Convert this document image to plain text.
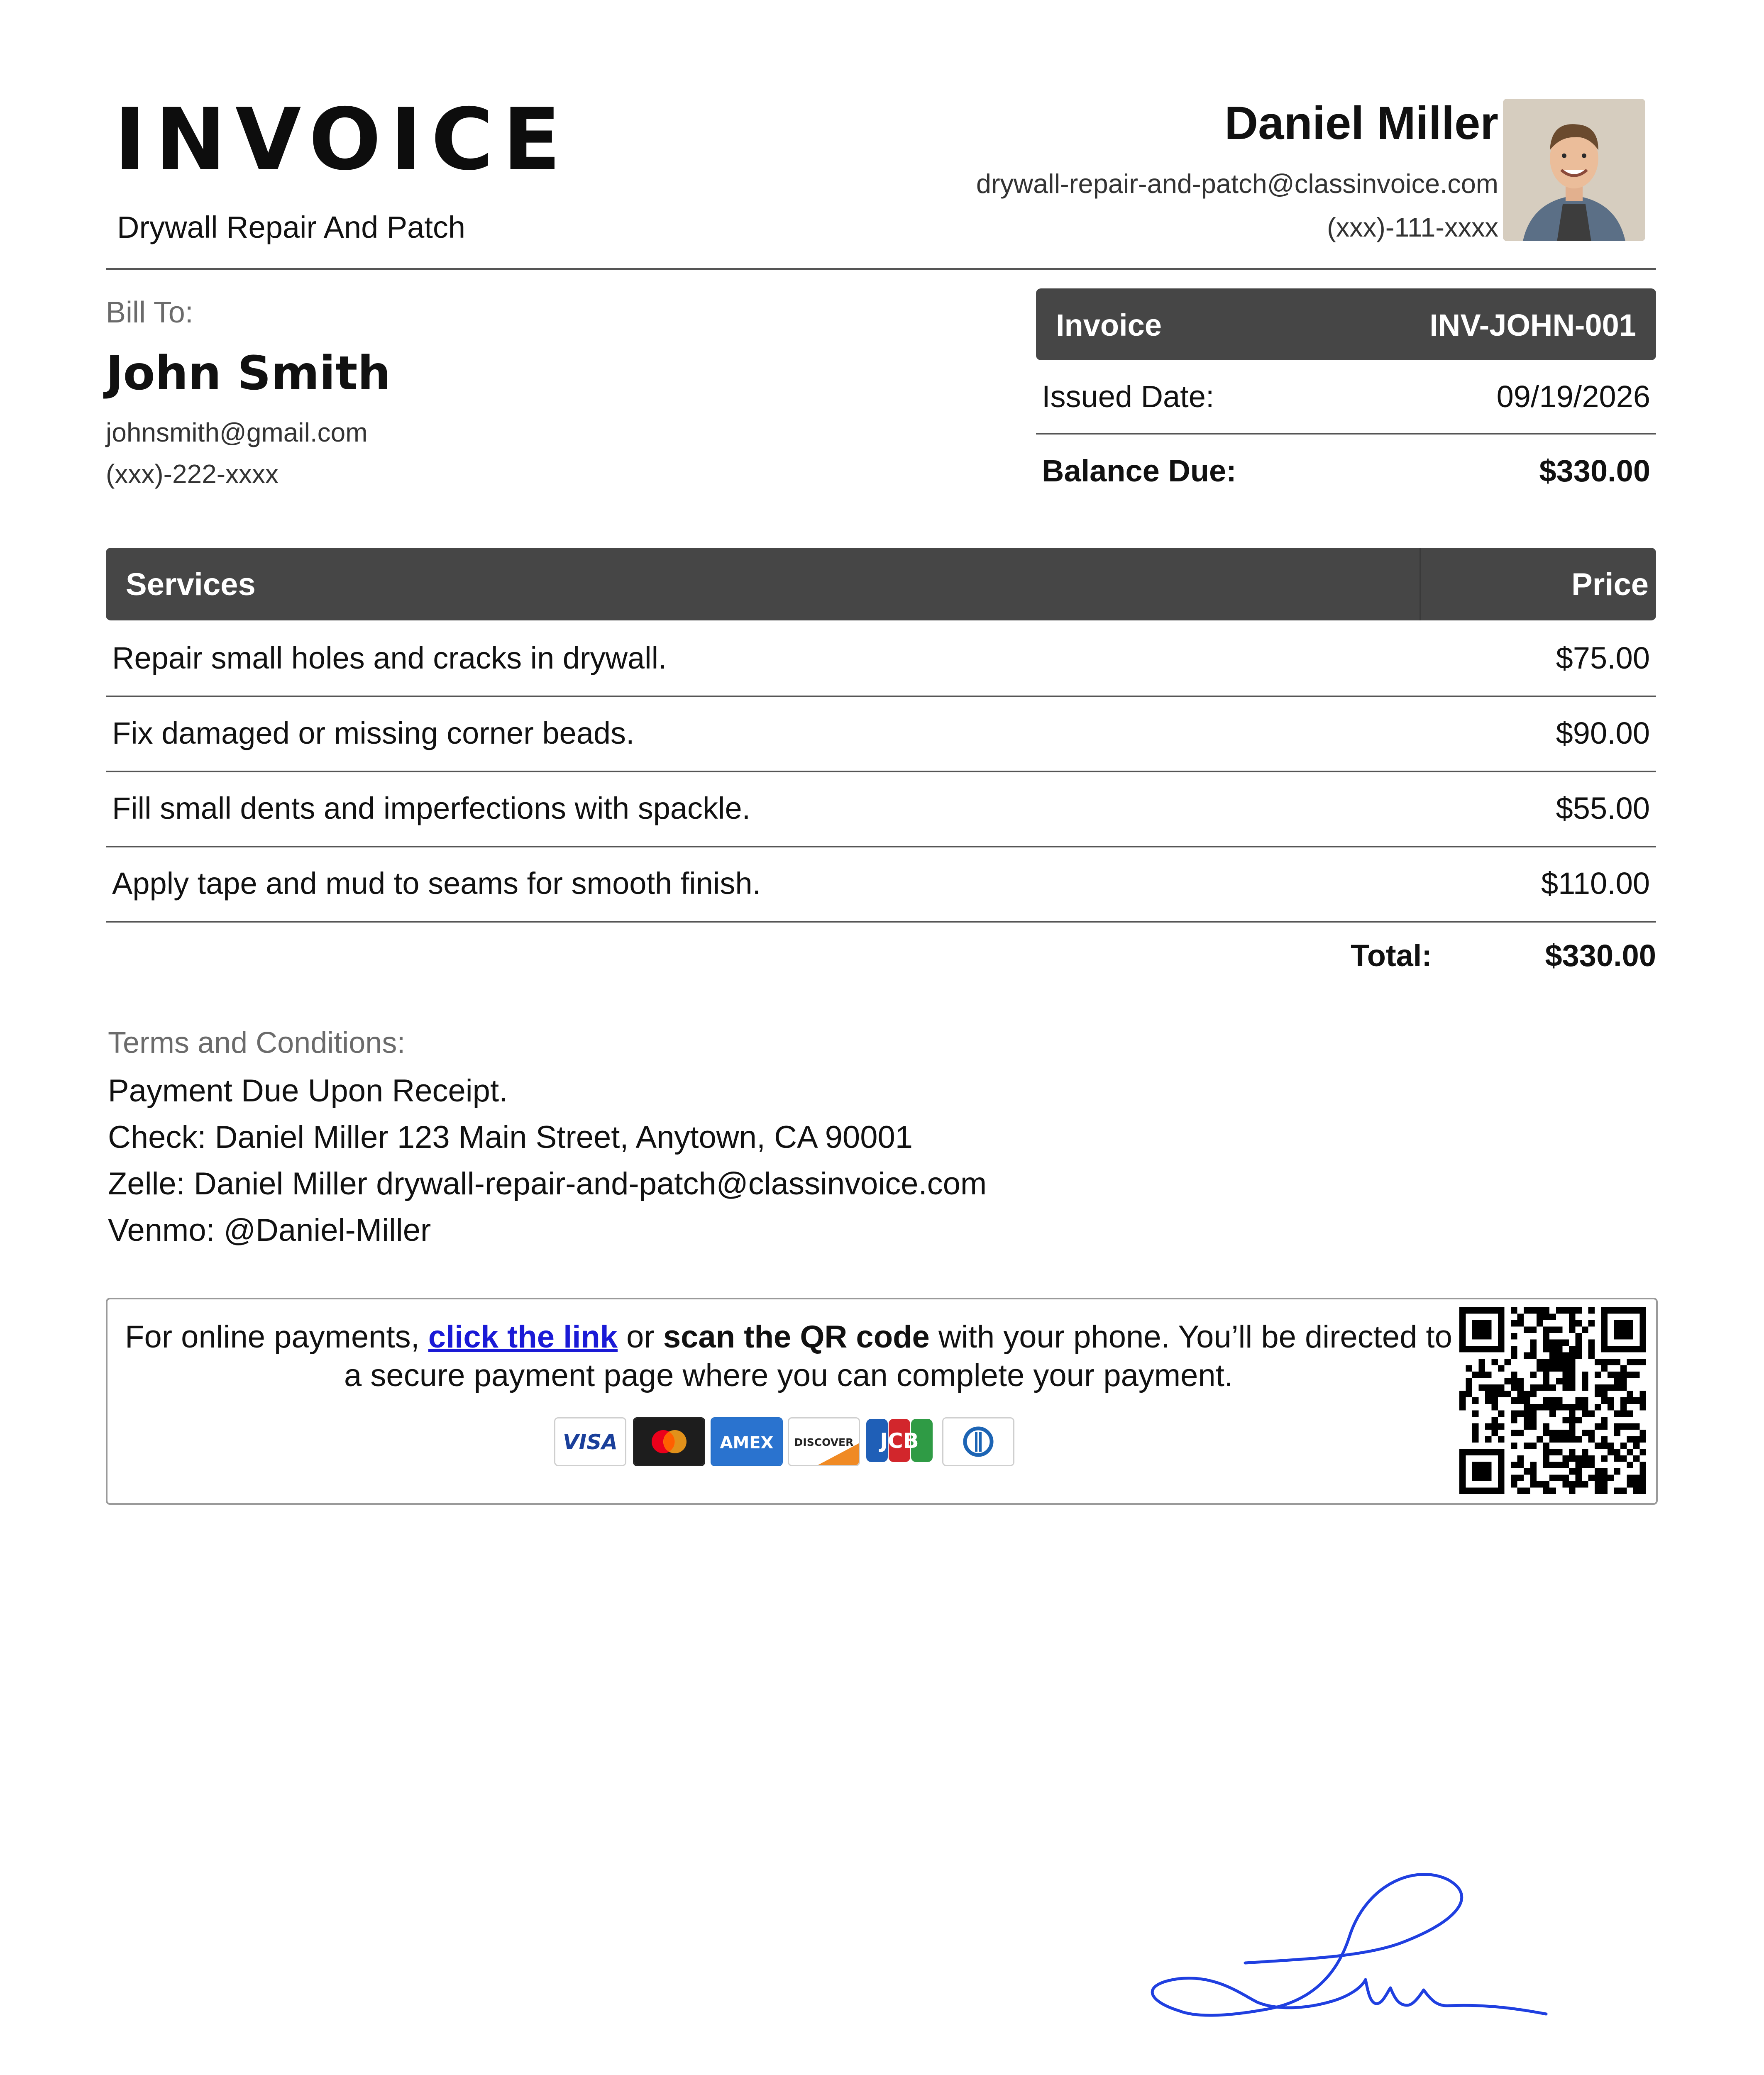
INVOICE
Drywall Repair And Patch
Daniel Miller
drywall-repair-and-patch@classinvoice.com
(xxx)-111-xxxx
Bill To:
John Smith
johnsmith@gmail.com
(xxx)-222-xxxx
Invoice	INV-JOHN-001
Issued Date:	09/19/2026
Balance Due:	$330.00
Services	Price
Repair small holes and cracks in drywall.	$75.00
Fix damaged or missing corner beads.	$90.00
Fill small dents and imperfections with spackle.	$55.00
Apply tape and mud to seams for smooth finish.	$110.00
Total:	$330.00
Terms and Conditions:
Payment Due Upon Receipt.
Check: Daniel Miller 123 Main Street, Anytown, CA 90001
Zelle: Daniel Miller drywall-repair-and-patch@classinvoice.com
Venmo: @Daniel-Miller
For online payments, click the link or scan the QR code with your phone. You’ll be directed to a secure payment page where you can complete your payment.
VISA	AMEX DISCOVER JCB
